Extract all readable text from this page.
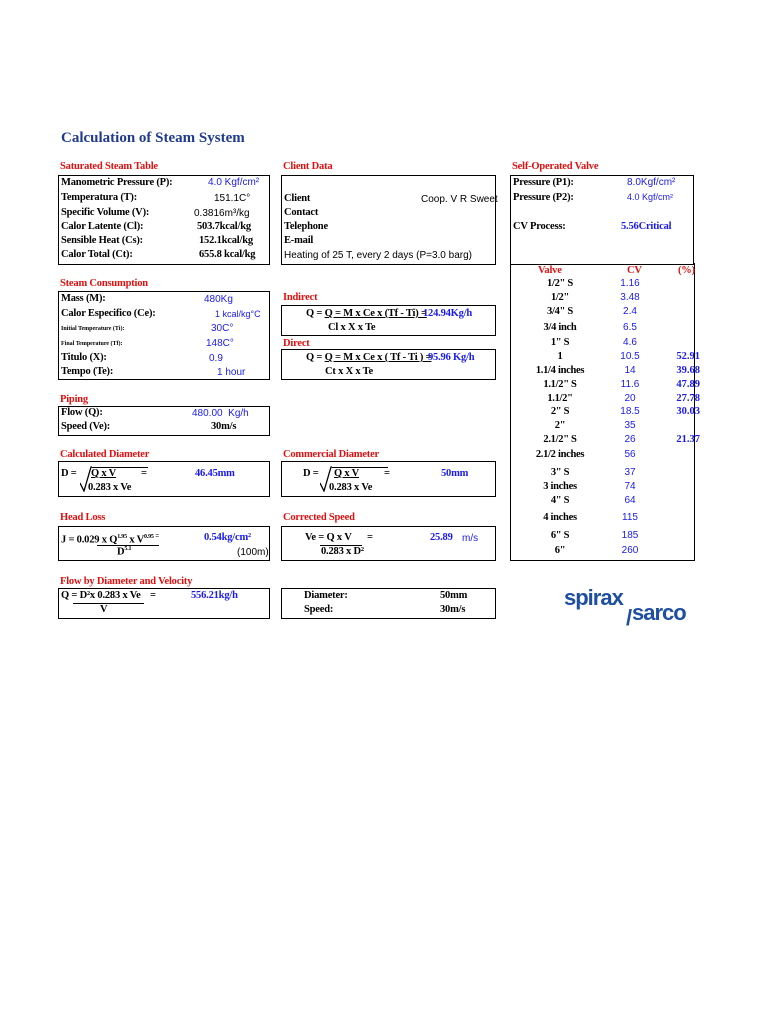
Calculation of Steam System
Saturated Steam Table
Manometric Pressure (P):	4.0 Kgf/cm²
Temperatura (T):	151.1C°
Specific Volume (V):	0.3816m³/kg
Calor Latente (Cl):	503.7kcal/kg
Sensible Heat (Cs):	152.1kcal/kg
Calor Total (Ct):	655.8 kcal/kg
Client Data
Client	Coop. V R Sweet
Contact
Telephone
E-mail
Heating of 25 T, every 2 days (P=3.0 barg)
Self-Operated Valve
Pressure (P1):	8.0Kgf/cm²
Pressure (P2):	4.0 Kgf/cm²
CV Process:	5.56Critical
Valve	CV	(%)
1/2" S	1.16
1/2"	3.48
3/4" S	2.4
3/4 inch	6.5
1" S	4.6
1	10.5	52.91
1.1/4 inches	14	39.68
1.1/2" S	11.6	47.89
1.1/2"	20	27.78
2" S	18.5	30.03
2"	35
2.1/2" S	26	21.37
2.1/2 inches	56
3" S	37
3 inches	74
4" S	64
4 inches	115
6" S	185
6"	260
Steam Consumption
Mass (M):	480Kg
Calor Especifico (Ce):	1 kcal/kg°C
Initial Temperature (Ti):	30C°
Final Temperature (Tf):	148C°
Titulo (X):	0.9
Tempo (Te):	1 hour
Indirect
Q = Q = M x Ce x (Tf - Ti) =
Cl x X x Te
124.94Kg/h
Direct
Q = Q = M x Ce x ( Tf - Ti ) =
Ct x X x Te
95.96 Kg/h
Piping
Flow (Q):	480.00  Kg/h
Speed (Ve):	30m/s
Calculated Diameter
D = Q x V
0.283 x Ve
=	46.45mm
Commercial Diameter
D = Q x V
0.283 x Ve
=	50mm
Head Loss
J = 0.029 x $Q^{1.95}$ x $V^{0.95}$ =
$D^{5.1}$
0.54kg/cm²
(100m)
Corrected Speed
Ve = Q x V =
0.283 x D²
25.89 m/s
Flow by Diameter and Velocity
Q = D²x 0.283 x Ve =
V
556.21kg/h	Diameter:	50mm
Speed:	30m/s	spirax
/ sarco
